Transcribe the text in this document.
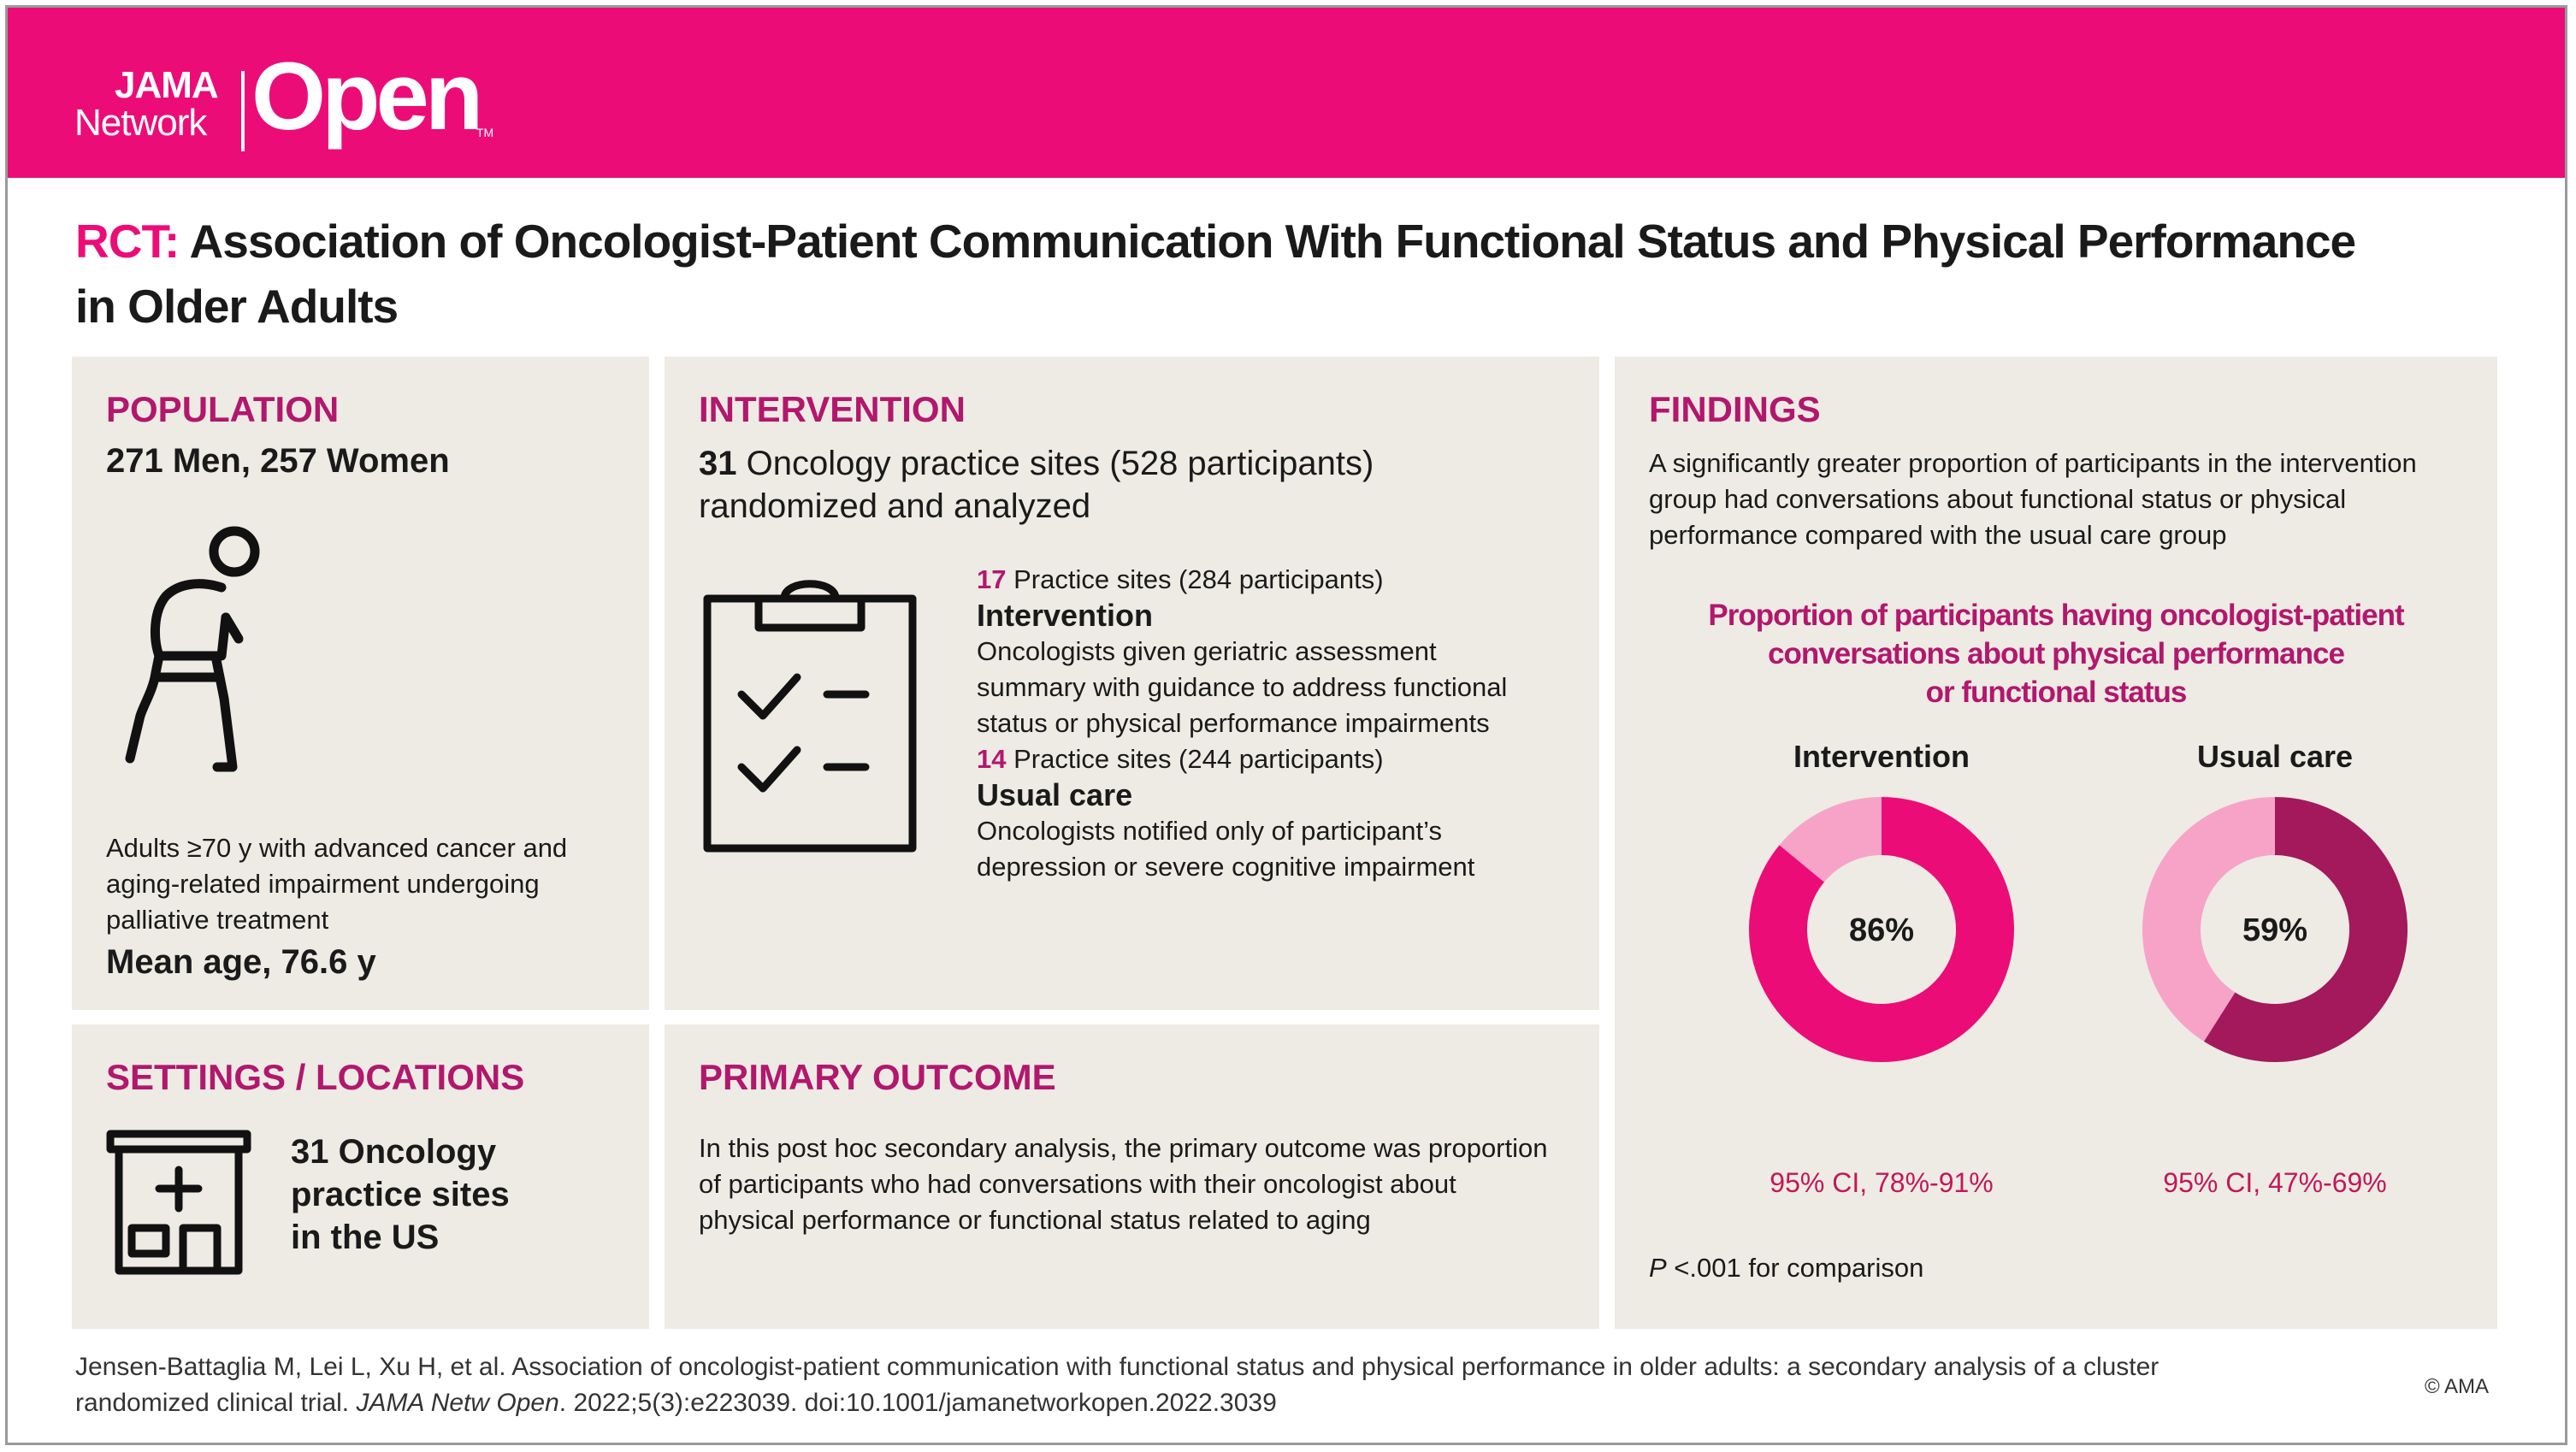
JAMA
Network Open
TM
RCT: Association of Oncologist-Patient Communication With Functional Status and Physical Performance
in Older Adults
POPULATION
271 Men, 257 Women
Adults ≥70 y with advanced cancer and
aging-related impairment undergoing
palliative treatment
Mean age, 76.6 y
INTERVENTION
31 Oncology practice sites (528 participants)
randomized and analyzed
17 Practice sites (284 participants)
Intervention
Oncologists given geriatric assessment
summary with guidance to address functional
status or physical performance impairments
14 Practice sites (244 participants)
Usual care
Oncologists notified only of participant’s
depression or severe cognitive impairment
SETTINGS / LOCATIONS
31 Oncology
practice sites
in the US
PRIMARY OUTCOME
In this post hoc secondary analysis, the primary outcome was proportion
of participants who had conversations with their oncologist about
physical performance or functional status related to aging
FINDINGS
A significantly greater proportion of participants in the intervention
group had conversations about functional status or physical
performance compared with the usual care group
Proportion of participants having oncologist-patient
conversations about physical performance
or functional status
Intervention	Usual care
86%	59%
95% CI, 78%-91%	95% CI, 47%-69%
P <.001 for comparison
Jensen-Battaglia M, Lei L, Xu H, et al. Association of oncologist-patient communication with functional status and physical performance in older adults: a secondary analysis of a cluster
randomized clinical trial. JAMA Netw Open. 2022;5(3):e223039. doi:10.1001/jamanetworkopen.2022.3039
© AMA
